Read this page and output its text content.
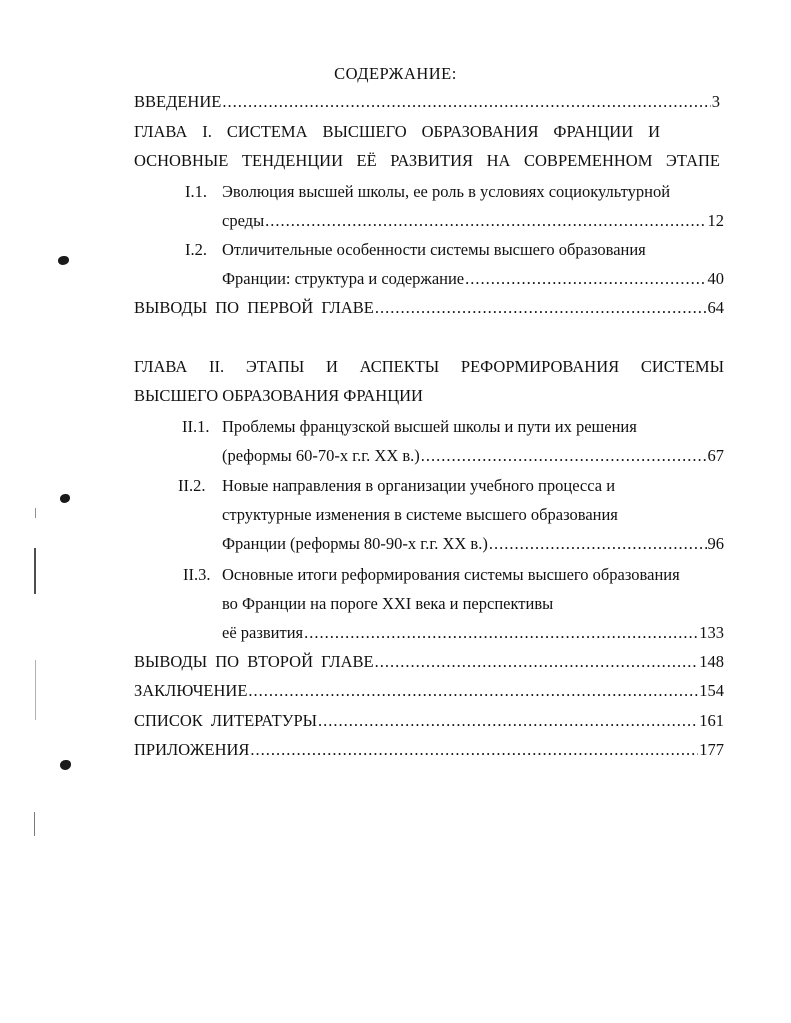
СОДЕРЖАНИЕ:
ВВЕДЕНИЕ .....	3
ГЛАВА I. СИСТЕМА ВЫСШЕГО ОБРАЗОВАНИЯ ФРАНЦИИ И
ОСНОВНЫЕ ТЕНДЕНЦИИ ЕЁ РАЗВИТИЯ НА СОВРЕМЕННОМ ЭТАПЕ
I.1. Эволюция высшей школы, ее роль в условиях социокультурной
среды .....	12
I.2. Отличительные особенности системы высшего образования
Франции: структура и содержание .....	40
ВЫВОДЫ ПО ПЕРВОЙ ГЛАВЕ .....	64
ГЛАВА II. ЭТАПЫ И АСПЕКТЫ РЕФОРМИРОВАНИЯ СИСТЕМЫ
ВЫСШЕГО ОБРАЗОВАНИЯ ФРАНЦИИ
II.1. Проблемы французской высшей школы и пути их решения
(реформы 60-70-х г.г. XX в.) .....	67
II.2. Новые направления в организации учебного процесса и
структурные изменения в системе высшего образования
Франции (реформы 80-90-х г.г. XX в.) .....	96
II.3. Основные итоги реформирования системы высшего образования
во Франции на пороге XXI века и перспективы
её развития .....	133
ВЫВОДЫ ПО ВТОРОЙ ГЛАВЕ .....	148
ЗАКЛЮЧЕНИЕ .....	154
СПИСОК ЛИТЕРАТУРЫ .....	161
ПРИЛОЖЕНИЯ .....	177
